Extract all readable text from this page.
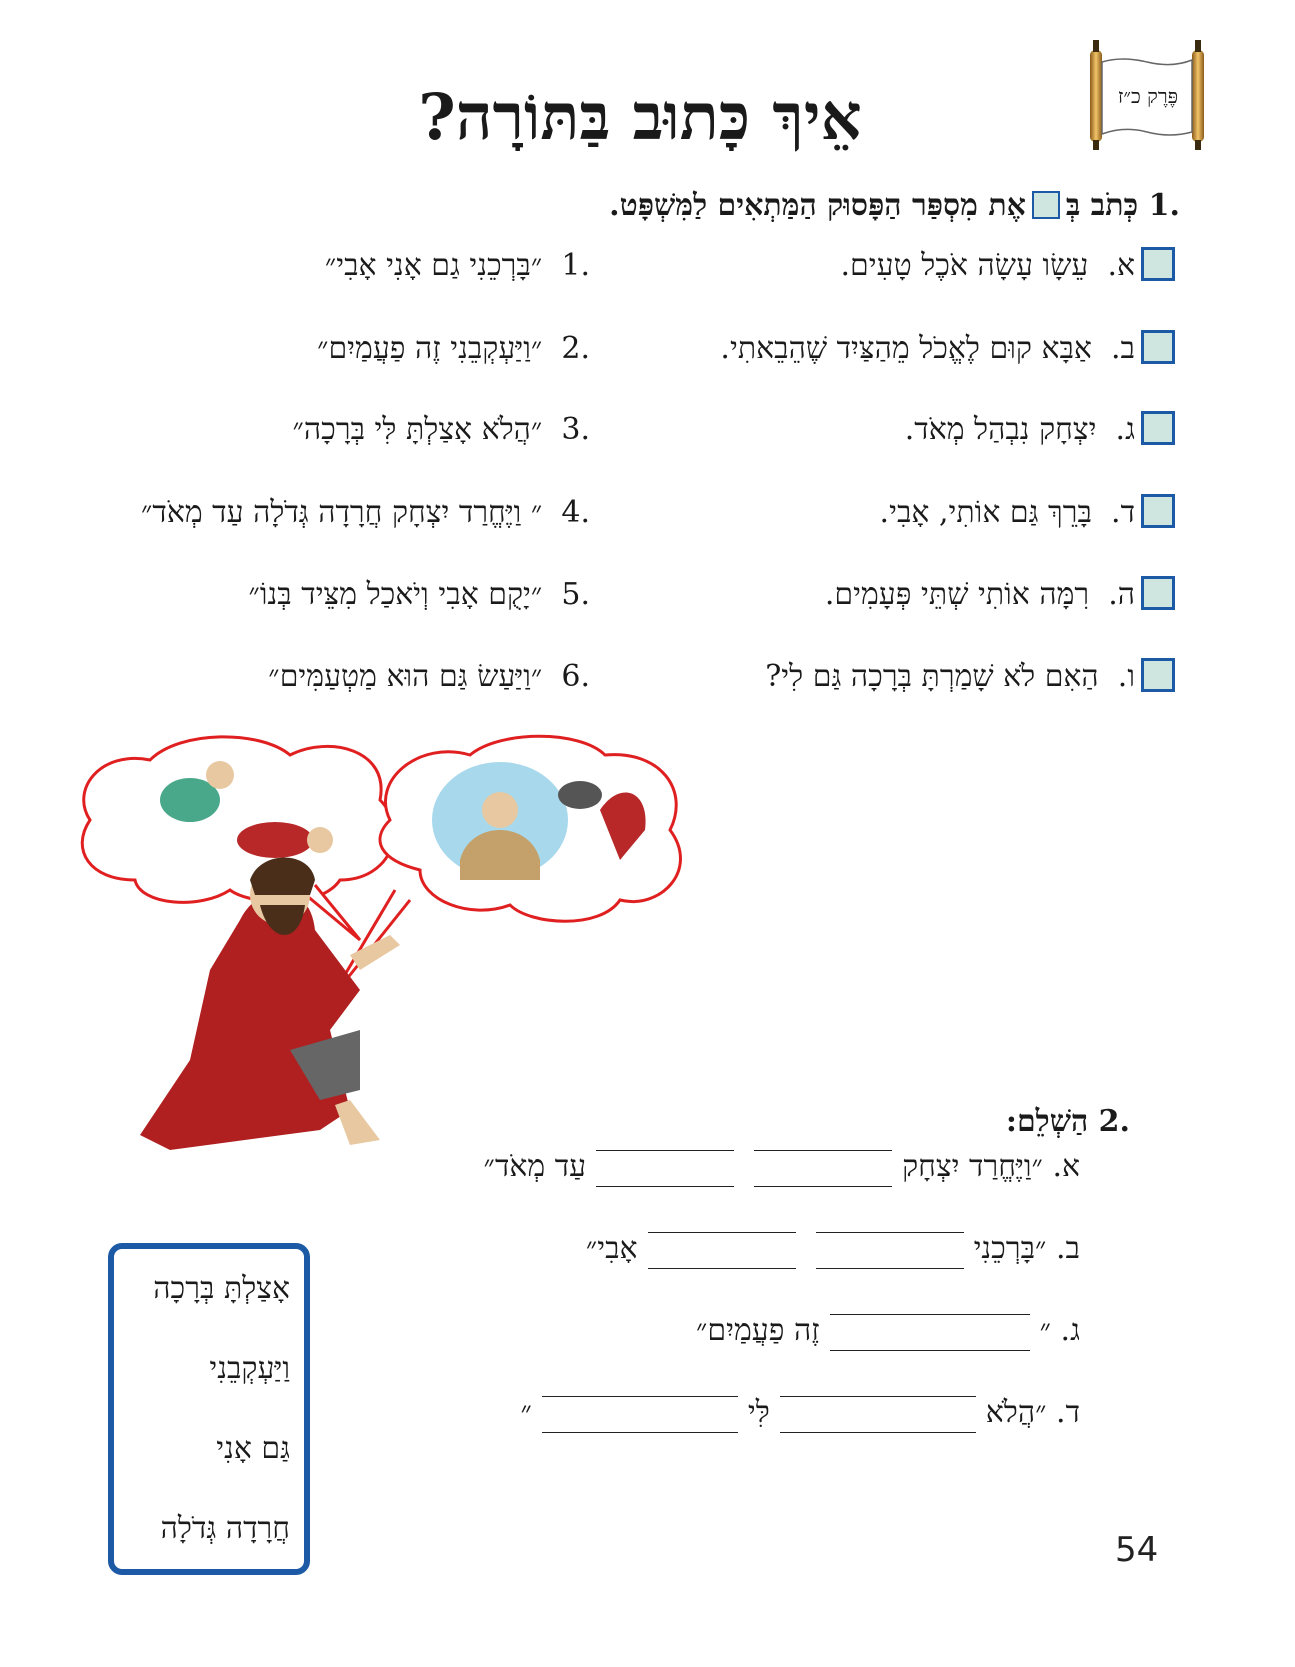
פֶּרֶק כ״ז
אֵיךְ כָּתוּב בַּתּוֹרָה?
.1 כְּתֹב בְּאֶת מִסְפַּר הַפָּסוּק הַמַּתְאִים לַמִּשְׁפָּט.
א.  עֵשָׂו עָשָׂה אֹכֶל טָעִים.
ב.  אַבָּא קוּם לֶאֱכֹל מֵהַצַּיִד שֶׁהֵבֵאתִי.
ג.  יִצְחָק נִבְהַל מְאֹד.
ד.  בָּרֵךְ גַּם אוֹתִי, אָבִי.
ה.  רִמָּה אוֹתִי שְׁתֵּי פְּעָמִים.
ו.  הַאִם לֹא שָׁמַרְתָּ בְּרָכָה גַּם לִי?
.1  ״בָּרְכֵנִי גַם אָנִי אָבִי״
.2  ״וַיַּעְקְבֵנִי זֶה פַעֲמַיִם״
.3  ״הֲלֹא אָצַלְתָּ לִּי בְּרָכָה״
.4  ״ וַיֶּחֱרַד יִצְחָק חֲרָדָה גְּדֹלָה עַד מְאֹד״
.5  ״יָקֻם אָבִי וְיֹאכַל מִצֵּיד בְּנוֹ״
.6  ״וַיַּעַשׂ גַּם הוּא מַטְעַמִּים״
.2 הַשְׁלֵם:
א. ״וַיֶּחֱרַד יִצְחָקעַד מְאֹד״
ב. ״בָּרְכֵנִיאָבִי״
ג. ״זֶה פַעֲמַיִם״
ד. ״הֲלֹאלִּי״
אָצַלְתָּ בְּרָכָה
וַיַּעְקְבֵנִי
גַּם אָנִי
חֲרָדָה גְּדֹלָה
54
